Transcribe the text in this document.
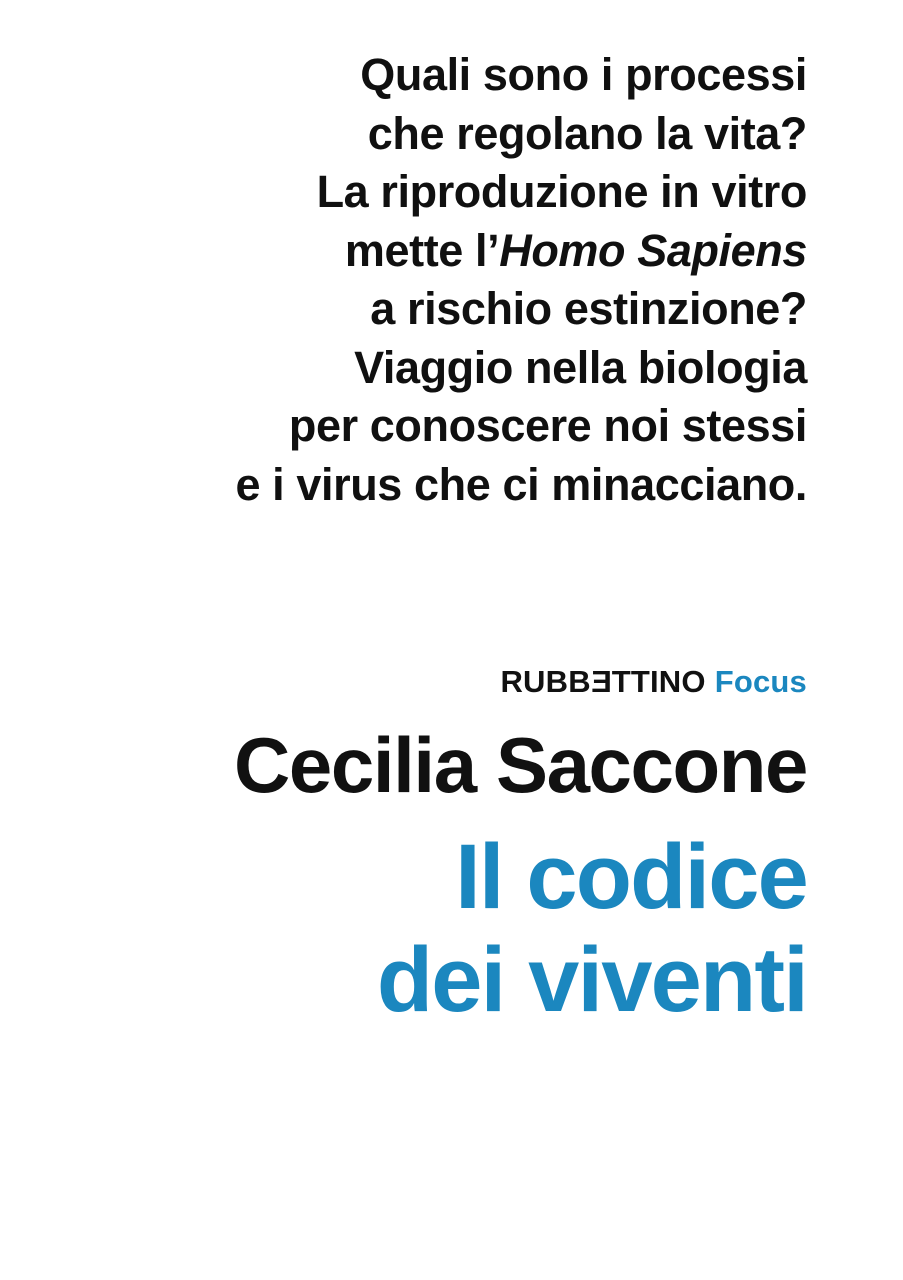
Quali sono i processi
che regolano la vita?
La riproduzione in vitro
mette l’Homo Sapiens
a rischio estinzione?
Viaggio nella biologia
per conoscere noi stessi
e i virus che ci minacciano.
RUBBETTINO Focus
Cecilia Saccone
Il codice
dei viventi
